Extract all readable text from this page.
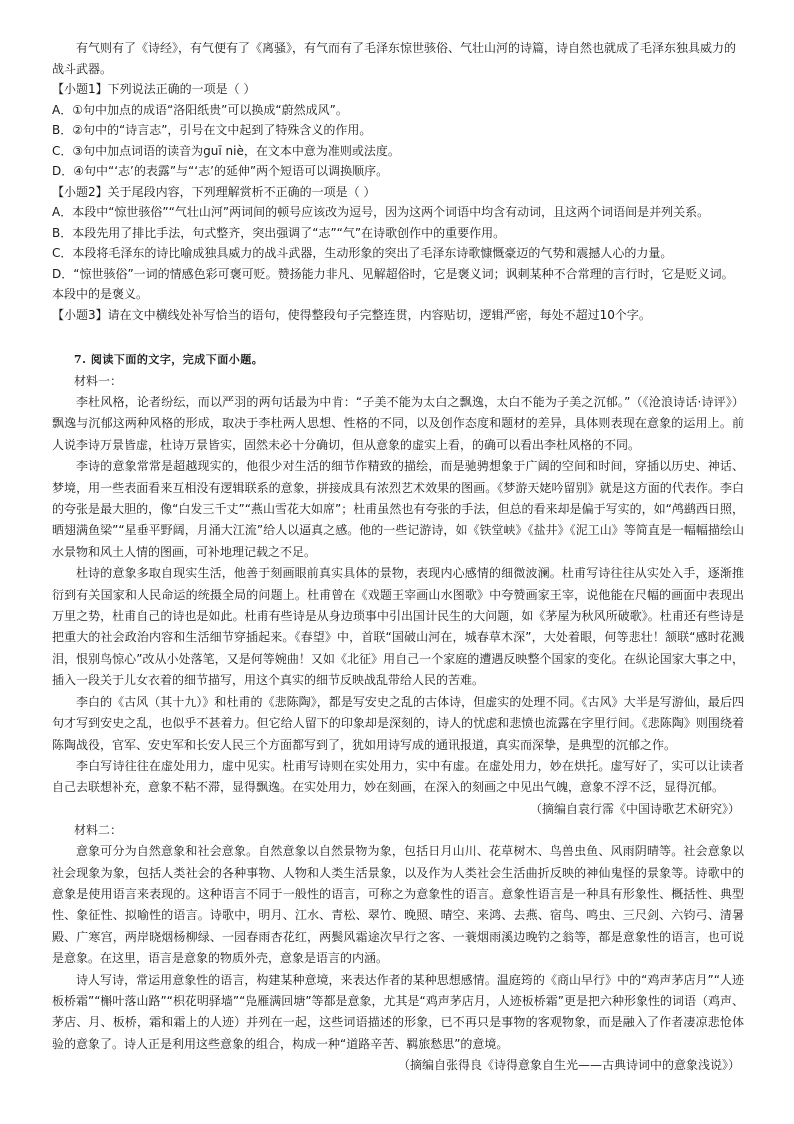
有气则有了《诗经》，有气便有了《离骚》，有气而有了毛泽东惊世骇俗、气壮山河的诗篇，诗自然也就成了毛泽东独具威力的战斗武器。

【小题1】下列说法正确的一项是（ ）

A．①句中加点的成语“洛阳纸贵”可以换成“蔚然成风”。

B．②句中的“诗言志”，引号在文中起到了特殊含义的作用。

C．③句中加点词语的读音为guī niè，在文本中意为准则或法度。

D．④句中“‘志’的表露”与“‘志’的延伸”两个短语可以调换顺序。

【小题2】关于尾段内容，下列理解赏析不正确的一项是（ ）

A．本段中“惊世骇俗”“气壮山河”两词间的顿号应该改为逗号，因为这两个词语中均含有动词，且这两个词语间是并列关系。

B．本段先用了排比手法，句式整齐，突出强调了“志”“气”在诗歌创作中的重要作用。

C．本段将毛泽东的诗比喻成独具威力的战斗武器，生动形象的突出了毛泽东诗歌慷慨豪迈的气势和震撼人心的力量。

D．“惊世骇俗”一词的情感色彩可褒可贬。赞扬能力非凡、见解超俗时，它是褒义词；讽刺某种不合常理的言行时，它是贬义词。本段中的是褒义。

【小题3】请在文中横线处补写恰当的语句，使得整段句子完整连贯，内容贴切，逻辑严密，每处不超过10个字。

7. 阅读下面的文字，完成下面小题。

材料一：

李杜风格，论者纷纭，而以严羽的两句话最为中肯：“子美不能为太白之飘逸，太白不能为子美之沉郁。”（《沧浪诗话·诗评》）飘逸与沉郁这两种风格的形成，取决于李杜两人思想、性格的不同，以及创作态度和题材的差异，具体则表现在意象的运用上。前人说李诗万景皆虚，杜诗万景皆实，固然未必十分确切，但从意象的虚实上看，的确可以看出李杜风格的不同。

李诗的意象常常是超越现实的，他很少对生活的细节作精致的描绘，而是驰骋想象于广阔的空间和时间，穿插以历史、神话、梦境，用一些表面看来互相没有逻辑联系的意象，拼接成具有浓烈艺术效果的图画。《梦游天姥吟留别》就是这方面的代表作。李白的夸张是最大胆的，像“白发三千丈”“燕山雪花大如席”；杜甫虽然也有夸张的手法，但总的看来却是偏于写实的，如“鸬鹚西日照，晒翅满鱼梁”“星垂平野阔，月涌大江流”给人以逼真之感。他的一些记游诗，如《铁堂峡》《盐井》《泥工山》等简直是一幅幅描绘山水景物和风土人情的图画，可补地理记载之不足。

杜诗的意象多取自现实生活，他善于刻画眼前真实具体的景物，表现内心感情的细微波澜。杜甫写诗往往从实处入手，逐渐推衍到有关国家和人民命运的统摄全局的问题上。杜甫曾在《戏题王宰画山水图歌》中夸赞画家王宰，说他能在尺幅的画面中表现出万里之势，杜甫自己的诗也是如此。杜甫有些诗是从身边琐事中引出国计民生的大问题，如《茅屋为秋风所破歌》。杜甫还有些诗是把重大的社会政治内容和生活细节穿插起来。《春望》中，首联“国破山河在，城春草木深”，大处着眼，何等悲壮！颔联“感时花溅泪，恨别鸟惊心”改从小处落笔，又是何等婉曲！又如《北征》用自己一个家庭的遭遇反映整个国家的变化。在纵论国家大事之中，插入一段关于儿女衣着的细节描写，用这个真实的细节反映战乱带给人民的苦难。

李白的《古风（其十九）》和杜甫的《悲陈陶》，都是写安史之乱的古体诗，但虚实的处理不同。《古风》大半是写游仙，最后四句才写到安史之乱，也似乎不甚着力。但它给人留下的印象却是深刻的，诗人的忧虑和悲愤也流露在字里行间。《悲陈陶》则围绕着陈陶战役，官军、安史军和长安人民三个方面都写到了，犹如用诗写成的通讯报道，真实而深挚，是典型的沉郁之作。

李白写诗往往在虚处用力，虚中见实。杜甫写诗则在实处用力，实中有虚。在虚处用力，妙在烘托。虚写好了，实可以让读者自己去联想补充，意象不粘不滞，显得飘逸。在实处用力，妙在刻画，在深入的刻画之中见出气魄，意象不浮不泛，显得沉郁。

（摘编自袁行霈《中国诗歌艺术研究》）

材料二：

意象可分为自然意象和社会意象。自然意象以自然景物为象，包括日月山川、花草树木、鸟兽虫鱼、风雨阴晴等。社会意象以社会现象为象，包括人类社会的各种事物、人物和人类生活景象，以及作为人类社会生活曲折反映的神仙鬼怪的景象等。诗歌中的意象是使用语言来表现的。这种语言不同于一般性的语言，可称之为意象性的语言。意象性语言是一种具有形象性、概括性、典型性、象征性、拟喻性的语言。诗歌中，明月、江水、青松、翠竹、晚照、晴空、来鸿、去燕、宿鸟、鸣虫、三尺剑、六钧弓、清暑殿、广寒宫，两岸晓烟杨柳绿、一园春雨杏花红，两鬓风霜途次早行之客、一蓑烟雨溪边晚钓之翁等，都是意象性的语言，也可说是意象。在这里，语言是意象的物质外壳，意象是语言的内涵。

诗人写诗，常运用意象性的语言，构建某种意境，来表达作者的某种思想感情。温庭筠的《商山早行》中的“鸡声茅店月”“人迹板桥霜”“槲叶落山路”“枳花明驿墙”“凫雁满回塘”等都是意象，尤其是“鸡声茅店月，人迹板桥霜”更是把六种形象性的词语（鸡声、茅店、月、板桥，霜和霜上的人迹）并列在一起，这些词语描述的形象，已不再只是事物的客观物象，而是融入了作者凄凉悲怆体验的意象了。诗人正是利用这些意象的组合，构成一种“道路辛苦、羁旅愁思”的意境。

（摘编自张得良《诗得意象自生光——古典诗词中的意象浅说》）
